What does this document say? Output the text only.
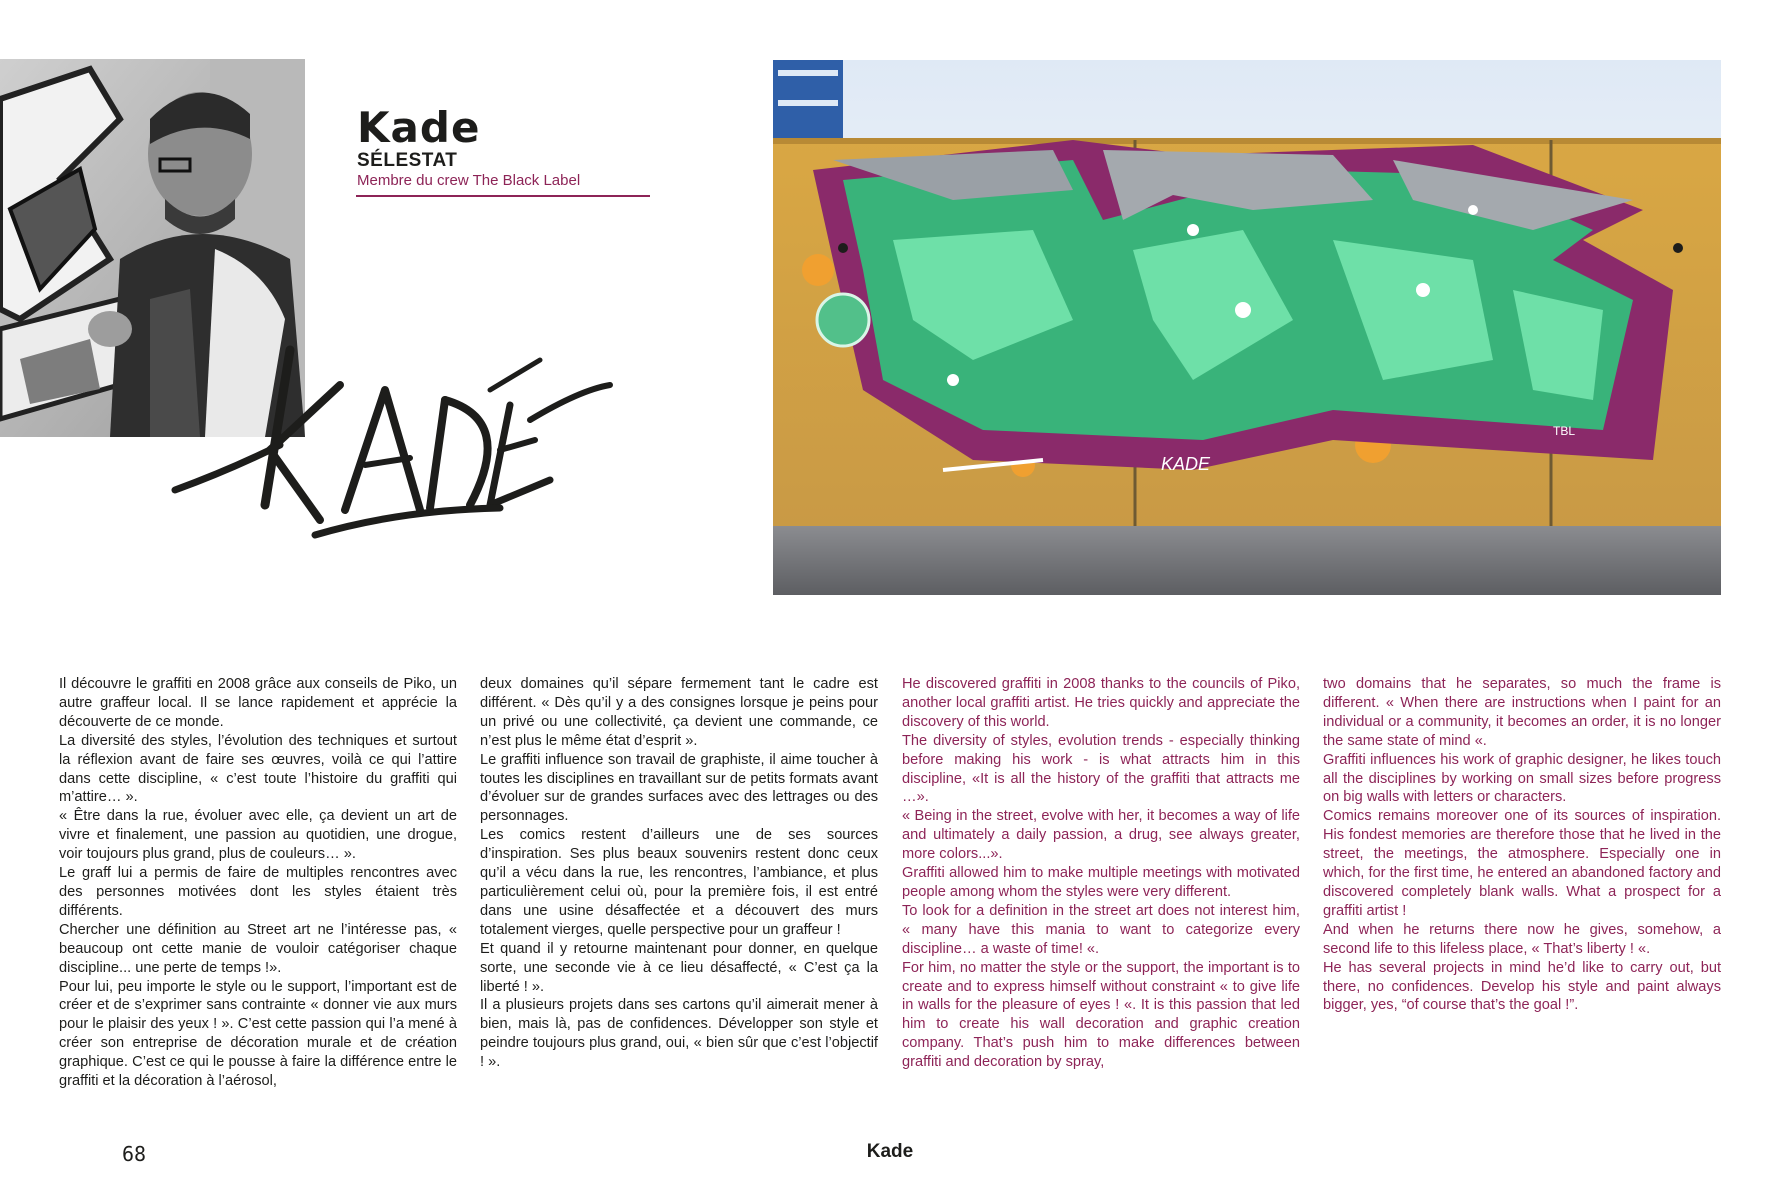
Kade
SÉLESTAT
Membre du crew The Black Label
KADE
TBL

Il découvre le graffiti en 2008 grâce aux conseils de Piko, un autre graffeur local. Il se lance rapidement et apprécie la découverte de ce monde.

La diversité des styles, l’évolution des techniques et surtout la réflexion avant de faire ses œuvres, voilà ce qui l’attire dans cette discipline, « c’est toute l’histoire du graffiti qui m’attire… ».

« Être dans la rue, évoluer avec elle, ça devient un art de vivre et finalement, une passion au quotidien, une drogue, voir toujours plus grand, plus de couleurs… ».

Le graff lui a permis de faire de multiples rencontres avec des personnes motivées dont les styles étaient très différents.

Chercher une définition au Street art ne l’intéresse pas, « beaucoup ont cette manie de vouloir catégoriser chaque discipline... une perte de temps !».

Pour lui, peu importe le style ou le support, l’important est de créer et de s’exprimer sans contrainte « donner vie aux murs pour le plaisir des yeux ! ». C’est cette passion qui l’a mené à créer son entreprise de décoration murale et de création graphique. C’est ce qui le pousse à faire la différence entre le graffiti et la décoration à l’aérosol,

deux domaines qu’il sépare fermement tant le cadre est différent. « Dès qu’il y a des consignes lorsque je peins pour un privé ou une collectivité, ça devient une commande, ce n’est plus le même état d’esprit ».

Le graffiti influence son travail de graphiste, il aime toucher à toutes les disciplines en travaillant sur de petits formats avant d’évoluer sur de grandes surfaces avec des lettrages ou des personnages.

Les comics restent d’ailleurs une de ses sources d’inspiration. Ses plus beaux souvenirs restent donc ceux qu’il a vécu dans la rue, les rencontres, l’ambiance, et plus particulièrement celui où, pour la première fois, il est entré dans une usine désaffectée et a découvert des murs totalement vierges, quelle perspective pour un graffeur !

Et quand il y retourne maintenant pour donner, en quelque sorte, une seconde vie à ce lieu désaffecté, « C’est ça la liberté ! ».

Il a plusieurs projets dans ses cartons qu’il aimerait mener à bien, mais là, pas de confidences. Développer son style et peindre toujours plus grand, oui, « bien sûr que c’est l’objectif ! ».

He discovered graffiti in 2008 thanks to the councils of Piko, another local graffiti artist. He tries quickly and appreciate the discovery of this world.

The diversity of styles, evolution trends - especially thinking before making his work - is what attracts him in this discipline, «It is all the history of the graffiti that attracts me …».

« Being in the street, evolve with her, it becomes a way of life and ultimately a daily passion, a drug, see always greater, more colors...».

Graffiti allowed him to make multiple meetings with motivated people among whom the styles were very different.

To look for a definition in the street art does not interest him, « many have this mania to want to categorize every discipline… a waste of time! «.

For him, no matter the style or the support, the important is to create and to express himself without constraint « to give life in walls for the pleasure of eyes ! «. It is this passion that led him to create his wall decoration and graphic creation company. That’s push him to make differences between graffiti and decoration by spray,

two domains that he separates, so much the frame is different. « When there are instructions when I paint for an individual or a community, it becomes an order, it is no longer the same state of mind «.

Graffiti influences his work of graphic designer, he likes touch all the disciplines by working on small sizes before progress on big walls with letters or characters.

Comics remains moreover one of its sources of inspiration. His fondest memories are therefore those that he lived in the street, the meetings, the atmosphere. Especially one in which, for the first time, he entered an abandoned factory and discovered completely blank walls. What a prospect for a graffiti artist !

And when he returns there now he gives, somehow, a second life to this lifeless place, « That’s liberty ! «.

He has several projects in mind he’d like to carry out, but there, no confidences. Develop his style and paint always bigger, yes, “of course that’s the goal !”.

68	Kade
